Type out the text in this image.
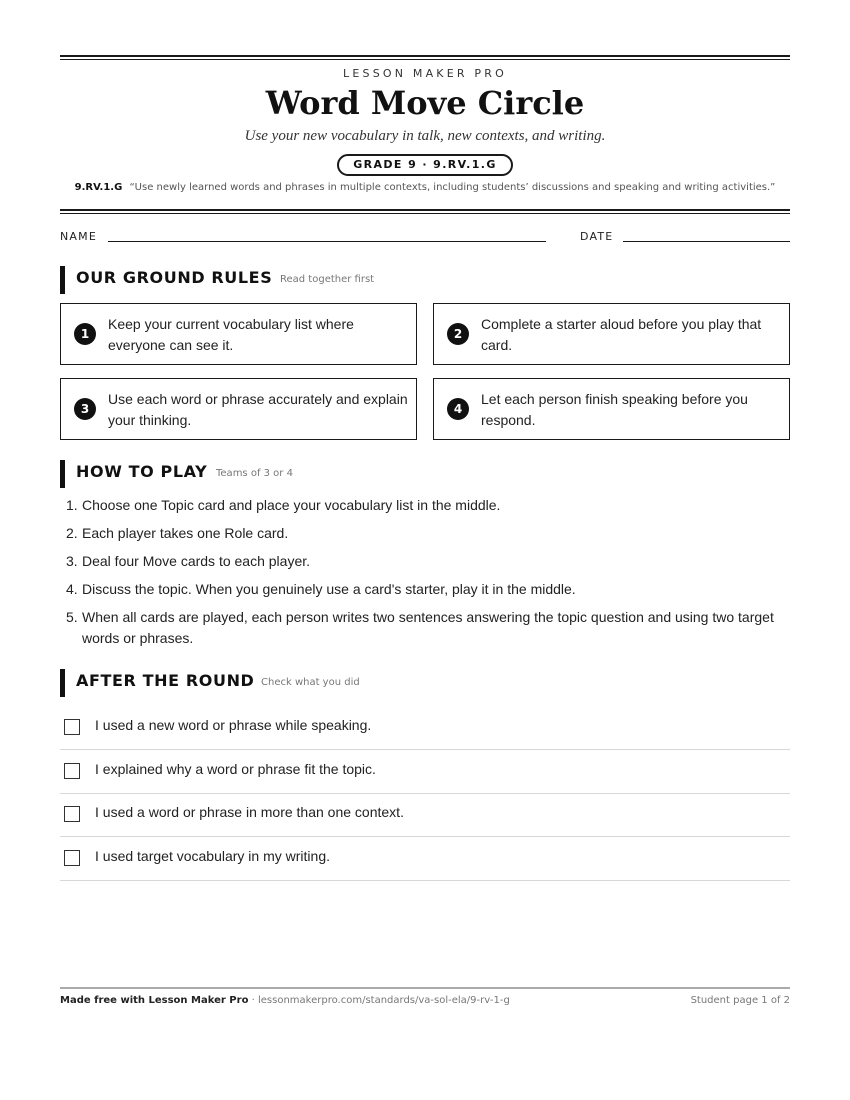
LESSON MAKER PRO
Word Move Circle
Use your new vocabulary in talk, new contexts, and writing.
GRADE 9 · 9.RV.1.G
9.RV.1.G “Use newly learned words and phrases in multiple contexts, including students’ discussions and speaking and writing activities.”
NAME	DATE
OUR GROUND RULES Read together first
1
Keep your current vocabulary list where everyone can see it.
2
Complete a starter aloud before you play that card.
3
Use each word or phrase accurately and explain your thinking.
4
Let each person finish speaking before you respond.
HOW TO PLAY Teams of 3 or 4
1. Choose one Topic card and place your vocabulary list in the middle.
2. Each player takes one Role card.
3. Deal four Move cards to each player.
4. Discuss the topic. When you genuinely use a card's starter, play it in the middle.
5. When all cards are played, each person writes two sentences answering the topic question and using two target words or phrases.
AFTER THE ROUND Check what you did
I used a new word or phrase while speaking.
I explained why a word or phrase fit the topic.
I used a word or phrase in more than one context.
I used target vocabulary in my writing.
Made free with Lesson Maker Pro · lessonmakerpro.com/standards/va-sol-ela/9-rv-1-g	Student page 1 of 2
